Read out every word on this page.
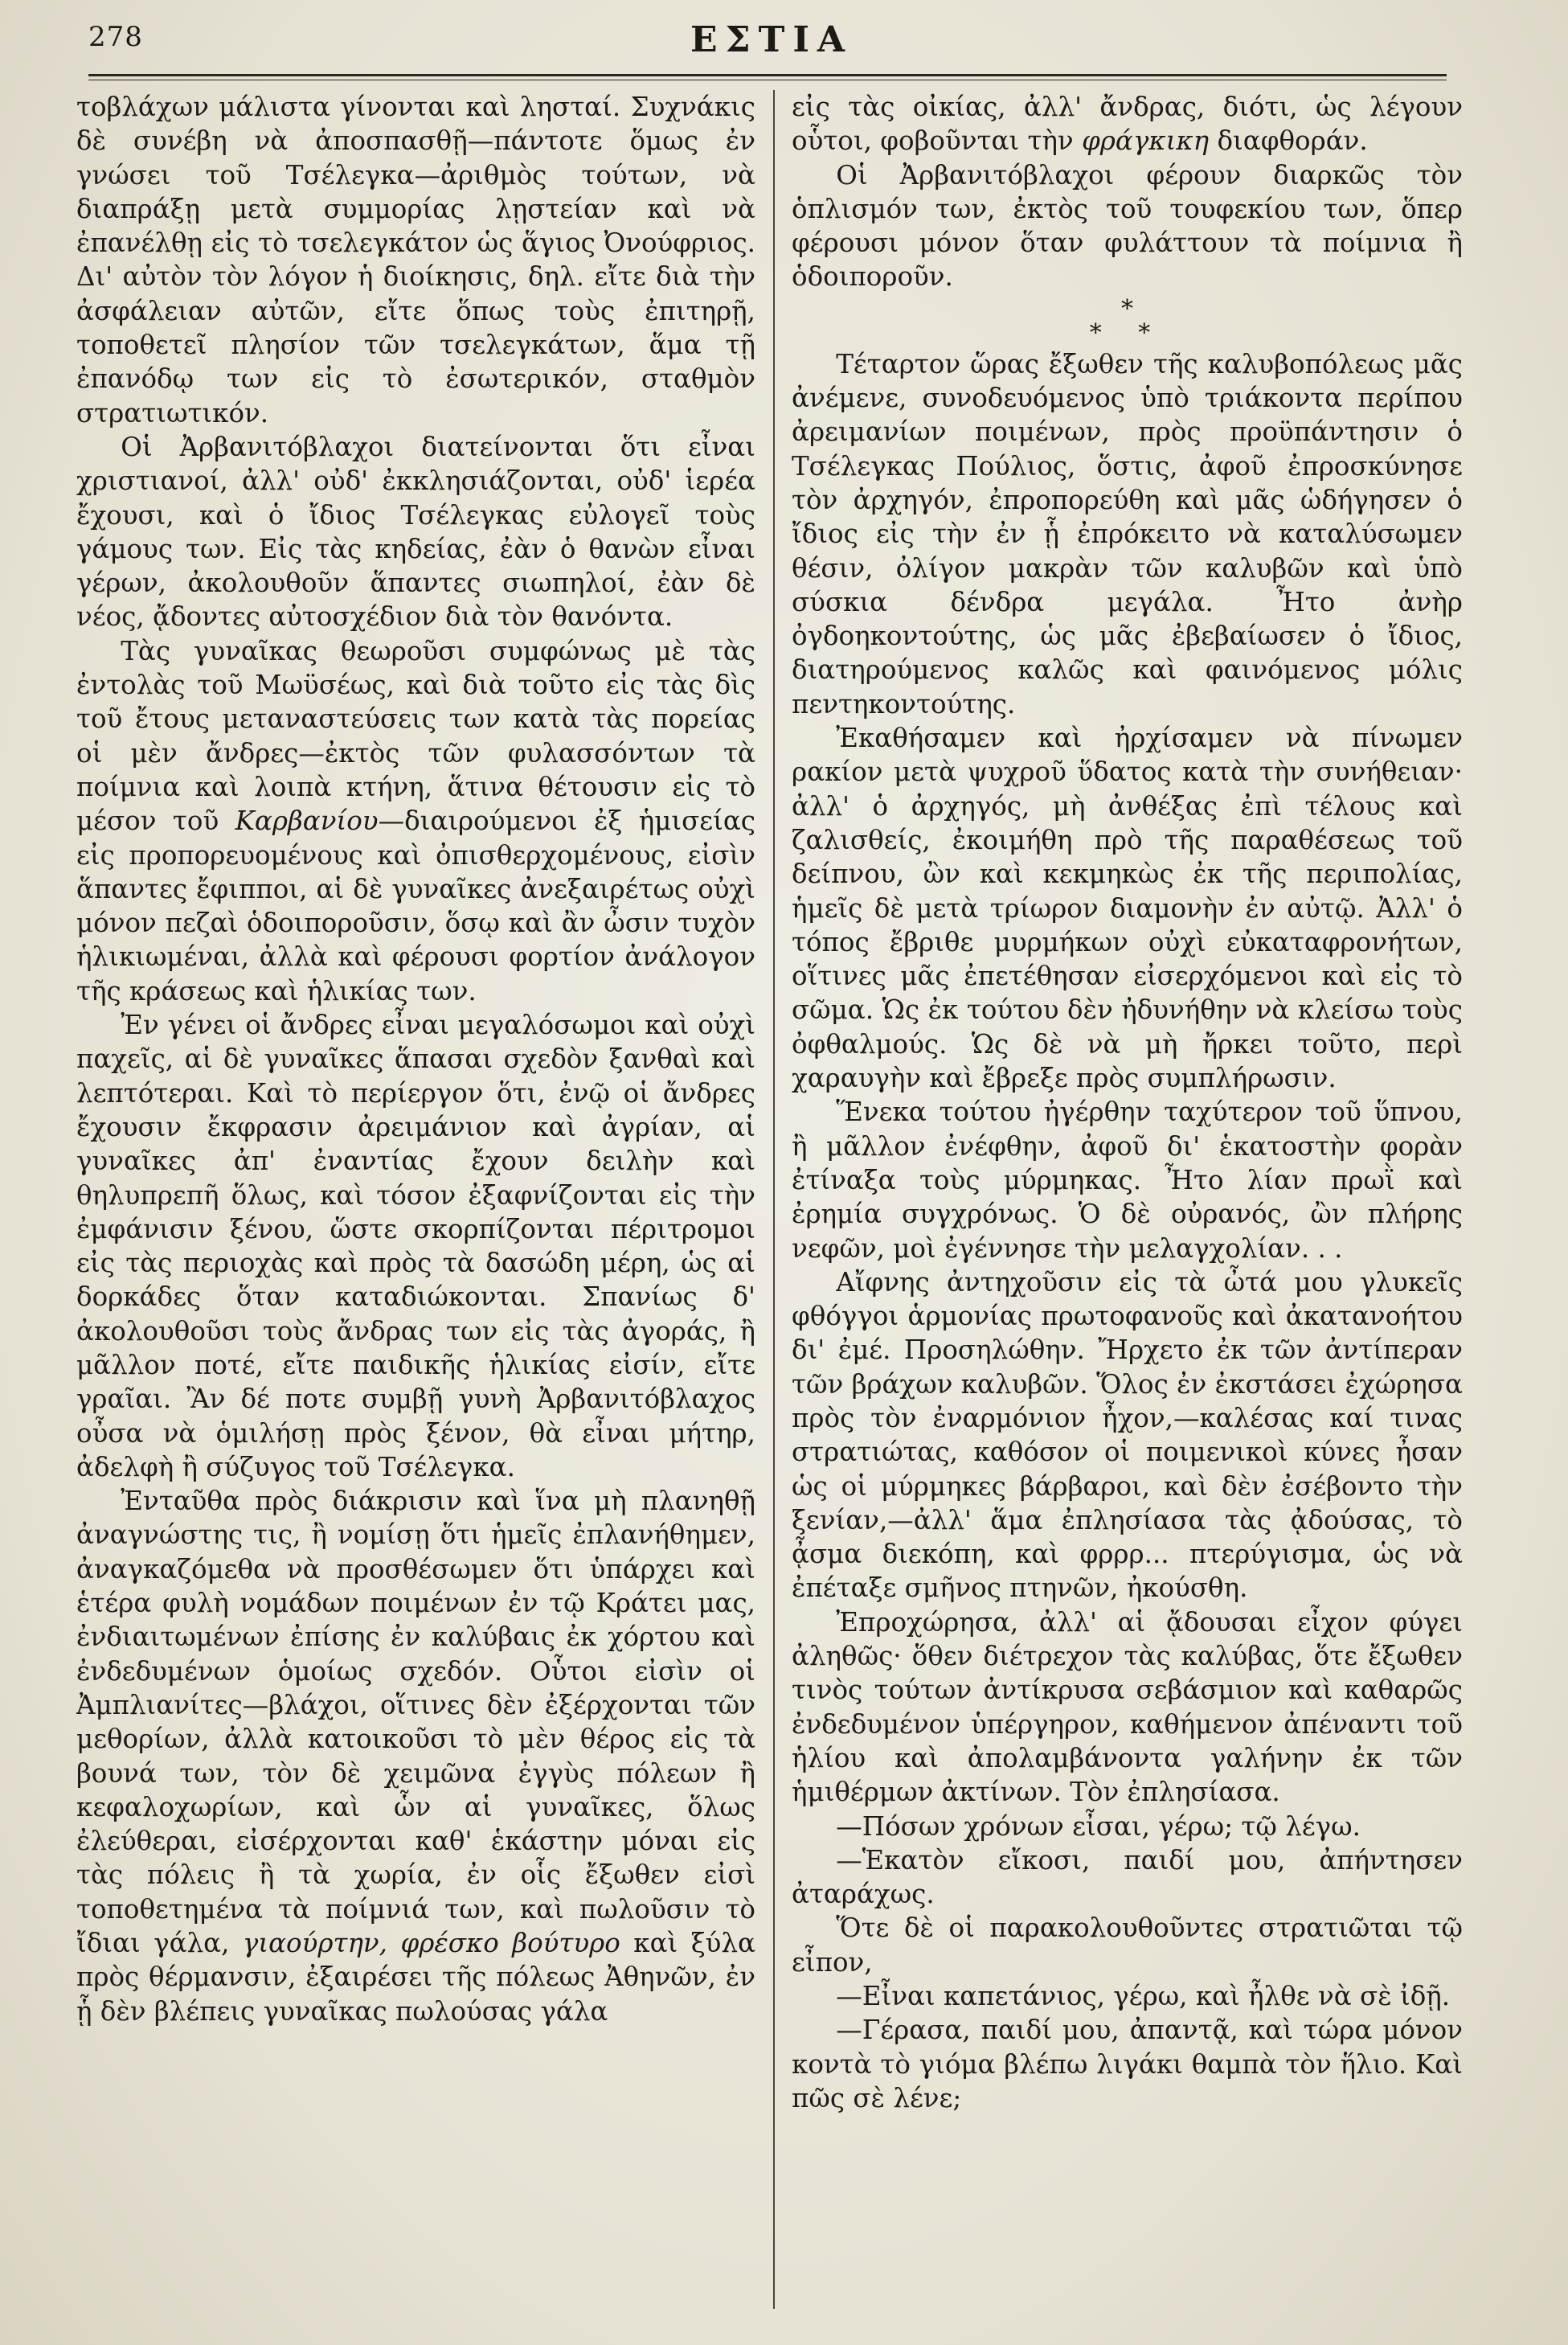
278	ΕΣΤΙΑ

τοβλάχων μάλιστα γίνονται καὶ λησταί. Συχνάκις δὲ συνέβη νὰ ἀποσπασθῇ—πάντοτε ὅμως ἐν γνώσει τοῦ Τσέλεγκα—ἀριθμὸς τούτων, νὰ διαπράξῃ μετὰ συμμορίας λῃστείαν καὶ νὰ ἐπανέλθῃ εἰς τὸ τσελεγκάτον ὡς ἅγιος Ὀνούφριος. Δι' αὐτὸν τὸν λόγον ἡ διοίκησις, δηλ. εἴτε διὰ τὴν ἀσφάλειαν αὐτῶν, εἴτε ὅπως τοὺς ἐπιτηρῇ, τοποθετεῖ πλησίον τῶν τσελεγκάτων, ἅμα τῇ ἐπανόδῳ των εἰς τὸ ἐσωτερικόν, σταθμὸν στρατιωτικόν.

Οἱ Ἀρβανιτόβλαχοι διατείνονται ὅτι εἶναι χριστιανοί, ἀλλ' οὐδ' ἐκκλησιάζονται, οὐδ' ἱερέα ἔχουσι, καὶ ὁ ἴδιος Τσέλεγκας εὐλογεῖ τοὺς γάμους των. Εἰς τὰς κηδείας, ἐὰν ὁ θανὼν εἶναι γέρων, ἀκολουθοῦν ἅπαντες σιωπηλοί, ἐὰν δὲ νέος, ᾄδοντες αὐτοσχέδιον διὰ τὸν θανόντα.

Τὰς γυναῖκας θεωροῦσι συμφώνως μὲ τὰς ἐντολὰς τοῦ Μωϋσέως, καὶ διὰ τοῦτο εἰς τὰς δὶς τοῦ ἔτους μεταναστεύσεις των κατὰ τὰς πορείας οἱ μὲν ἄνδρες—ἐκτὸς τῶν φυλασσόντων τὰ ποίμνια καὶ λοιπὰ κτήνη, ἅτινα θέτουσιν εἰς τὸ μέσον τοῦ Καρβανίου—διαιρούμενοι ἐξ ἡμισείας εἰς προπορευομένους καὶ ὀπισθερχομένους, εἰσὶν ἅπαντες ἔφιπποι, αἱ δὲ γυναῖκες ἀνεξαιρέτως οὐχὶ μόνον πεζαὶ ὁδοιποροῦσιν, ὅσῳ καὶ ἂν ὦσιν τυχὸν ἡλικιωμέναι, ἀλλὰ καὶ φέρουσι φορτίον ἀνάλογον τῆς κράσεως καὶ ἡλικίας των.

Ἐν γένει οἱ ἄνδρες εἶναι μεγαλόσωμοι καὶ οὐχὶ παχεῖς, αἱ δὲ γυναῖκες ἅπασαι σχεδὸν ξανθαὶ καὶ λεπτότεραι. Καὶ τὸ περίεργον ὅτι, ἐνῷ οἱ ἄνδρες ἔχουσιν ἔκφρασιν ἀρειμάνιον καὶ ἀγρίαν, αἱ γυναῖκες ἀπ' ἐναντίας ἔχουν δειλὴν καὶ θηλυπρεπῆ ὅλως, καὶ τόσον ἐξαφνίζονται εἰς τὴν ἐμφάνισιν ξένου, ὥστε σκορπίζονται πέριτρομοι εἰς τὰς περιοχὰς καὶ πρὸς τὰ δασώδη μέρη, ὡς αἱ δορκάδες ὅταν καταδιώκονται. Σπανίως δ' ἀκολουθοῦσι τοὺς ἄνδρας των εἰς τὰς ἀγοράς, ἢ μᾶλλον ποτέ, εἴτε παιδικῆς ἡλικίας εἰσίν, εἴτε γραῖαι. Ἂν δέ ποτε συμβῇ γυνὴ Ἀρβανιτόβλαχος οὖσα νὰ ὁμιλήσῃ πρὸς ξένον, θὰ εἶναι μήτηρ, ἀδελφὴ ἢ σύζυγος τοῦ Τσέλεγκα.

Ἐνταῦθα πρὸς διάκρισιν καὶ ἵνα μὴ πλανηθῇ ἀναγνώστης τις, ἢ νομίσῃ ὅτι ἡμεῖς ἐπλανήθημεν, ἀναγκαζόμεθα νὰ προσθέσωμεν ὅτι ὑπάρχει καὶ ἑτέρα φυλὴ νομάδων ποιμένων ἐν τῷ Κράτει μας, ἐνδιαιτωμένων ἐπίσης ἐν καλύβαις ἐκ χόρτου καὶ ἐνδεδυμένων ὁμοίως σχεδόν. Οὗτοι εἰσὶν οἱ Ἀμπλιανίτες—βλάχοι, οἵτινες δὲν ἐξέρχονται τῶν μεθορίων, ἀλλὰ κατοικοῦσι τὸ μὲν θέρος εἰς τὰ βουνά των, τὸν δὲ χειμῶνα ἐγγὺς πόλεων ἢ κεφαλοχωρίων, καὶ ὧν αἱ γυναῖκες, ὅλως ἐλεύθεραι, εἰσέρχονται καθ' ἑκάστην μόναι εἰς τὰς πόλεις ἢ τὰ χωρία, ἐν οἷς ἔξωθεν εἰσὶ τοποθετημένα τὰ ποίμνιά των, καὶ πωλοῦσιν τὸ ἴδιαι γάλα, γιαούρτην, φρέσκο βούτυρο καὶ ξύλα πρὸς θέρμανσιν, ἐξαιρέσει τῆς πόλεως Ἀθηνῶν, ἐν ᾗ δὲν βλέπεις γυναῖκας πωλούσας γάλα

εἰς τὰς οἰκίας, ἀλλ' ἄνδρας, διότι, ὡς λέγουν οὗτοι, φοβοῦνται τὴν φράγκικη διαφθοράν.

Οἱ Ἀρβανιτόβλαχοι φέρουν διαρκῶς τὸν ὁπλισμόν των, ἐκτὸς τοῦ τουφεκίου των, ὅπερ φέρουσι μόνον ὅταν φυλάττουν τὰ ποίμνια ἢ ὁδοιποροῦν.

*
* *

Τέταρτον ὥρας ἔξωθεν τῆς καλυβοπόλεως μᾶς ἀνέμενε, συνοδευόμενος ὑπὸ τριάκοντα περίπου ἀρειμανίων ποιμένων, πρὸς προϋπάντησιν ὁ Τσέλεγκας Πούλιος, ὅστις, ἀφοῦ ἐπροσκύνησε τὸν ἀρχηγόν, ἐπροπορεύθη καὶ μᾶς ὡδήγησεν ὁ ἴδιος εἰς τὴν ἐν ᾗ ἐπρόκειτο νὰ καταλύσωμεν θέσιν, ὀλίγον μακρὰν τῶν καλυβῶν καὶ ὑπὸ σύσκια δένδρα μεγάλα. Ἦτο ἀνὴρ ὀγδοηκοντούτης, ὡς μᾶς ἐβεβαίωσεν ὁ ἴδιος, διατηρούμενος καλῶς καὶ φαινόμενος μόλις πεντηκοντούτης.

Ἐκαθήσαμεν καὶ ἠρχίσαμεν νὰ πίνωμεν ρακίον μετὰ ψυχροῦ ὕδατος κατὰ τὴν συνήθειαν· ἀλλ' ὁ ἀρχηγός, μὴ ἀνθέξας ἐπὶ τέλους καὶ ζαλισθείς, ἐκοιμήθη πρὸ τῆς παραθέσεως τοῦ δείπνου, ὢν καὶ κεκμηκὼς ἐκ τῆς περιπολίας, ἡμεῖς δὲ μετὰ τρίωρον διαμονὴν ἐν αὐτῷ. Ἀλλ' ὁ τόπος ἔβριθε μυρμήκων οὐχὶ εὐκαταφρονήτων, οἵτινες μᾶς ἐπετέθησαν εἰσερχόμενοι καὶ εἰς τὸ σῶμα. Ὡς ἐκ τούτου δὲν ἠδυνήθην νὰ κλείσω τοὺς ὀφθαλμούς. Ὡς δὲ νὰ μὴ ἤρκει τοῦτο, περὶ χαραυγὴν καὶ ἔβρεξε πρὸς συμπλήρωσιν.

Ἕνεκα τούτου ἠγέρθην ταχύτερον τοῦ ὕπνου, ἢ μᾶλλον ἐνέφθην, ἀφοῦ δι' ἑκατοστὴν φορὰν ἐτίναξα τοὺς μύρμηκας. Ἦτο λίαν πρωῒ καὶ ἐρημία συγχρόνως. Ὁ δὲ οὐρανός, ὢν πλήρης νεφῶν, μοὶ ἐγέννησε τὴν μελαγχολίαν. . .

Αἴφνης ἀντηχοῦσιν εἰς τὰ ὦτά μου γλυκεῖς φθόγγοι ἁρμονίας πρωτοφανοῦς καὶ ἀκατανοήτου δι' ἐμέ. Προσηλώθην. Ἤρχετο ἐκ τῶν ἀντίπεραν τῶν βράχων καλυβῶν. Ὅλος ἐν ἐκστάσει ἐχώρησα πρὸς τὸν ἐναρμόνιον ἦχον,—καλέσας καί τινας στρατιώτας, καθόσον οἱ ποιμενικοὶ κύνες ἦσαν ὡς οἱ μύρμηκες βάρβαροι, καὶ δὲν ἐσέβοντο τὴν ξενίαν,—ἀλλ' ἅμα ἐπλησίασα τὰς ᾀδούσας, τὸ ᾆσμα διεκόπη, καὶ φρρρ... πτερύγισμα, ὡς νὰ ἐπέταξε σμῆνος πτηνῶν, ἠκούσθη.

Ἐπροχώρησα, ἀλλ' αἱ ᾄδουσαι εἶχον φύγει ἀληθῶς· ὅθεν διέτρεχον τὰς καλύβας, ὅτε ἔξωθεν τινὸς τούτων ἀντίκρυσα σεβάσμιον καὶ καθαρῶς ἐνδεδυμένον ὑπέργηρον, καθήμενον ἀπέναντι τοῦ ἡλίου καὶ ἀπολαμβάνοντα γαλήνην ἐκ τῶν ἡμιθέρμων ἀκτίνων. Τὸν ἐπλησίασα.

—Πόσων χρόνων εἶσαι, γέρω; τῷ λέγω.

—Ἑκατὸν εἴκοσι, παιδί μου, ἀπήντησεν ἀταράχως.

Ὅτε δὲ οἱ παρακολουθοῦντες στρατιῶται τῷ εἶπον,

—Εἶναι καπετάνιος, γέρω, καὶ ἦλθε νὰ σὲ ἰδῇ.

—Γέρασα, παιδί μου, ἀπαντᾷ, καὶ τώρα μόνον κοντὰ τὸ γιόμα βλέπω λιγάκι θαμπὰ τὸν ἥλιο. Καὶ πῶς σὲ λένε;
